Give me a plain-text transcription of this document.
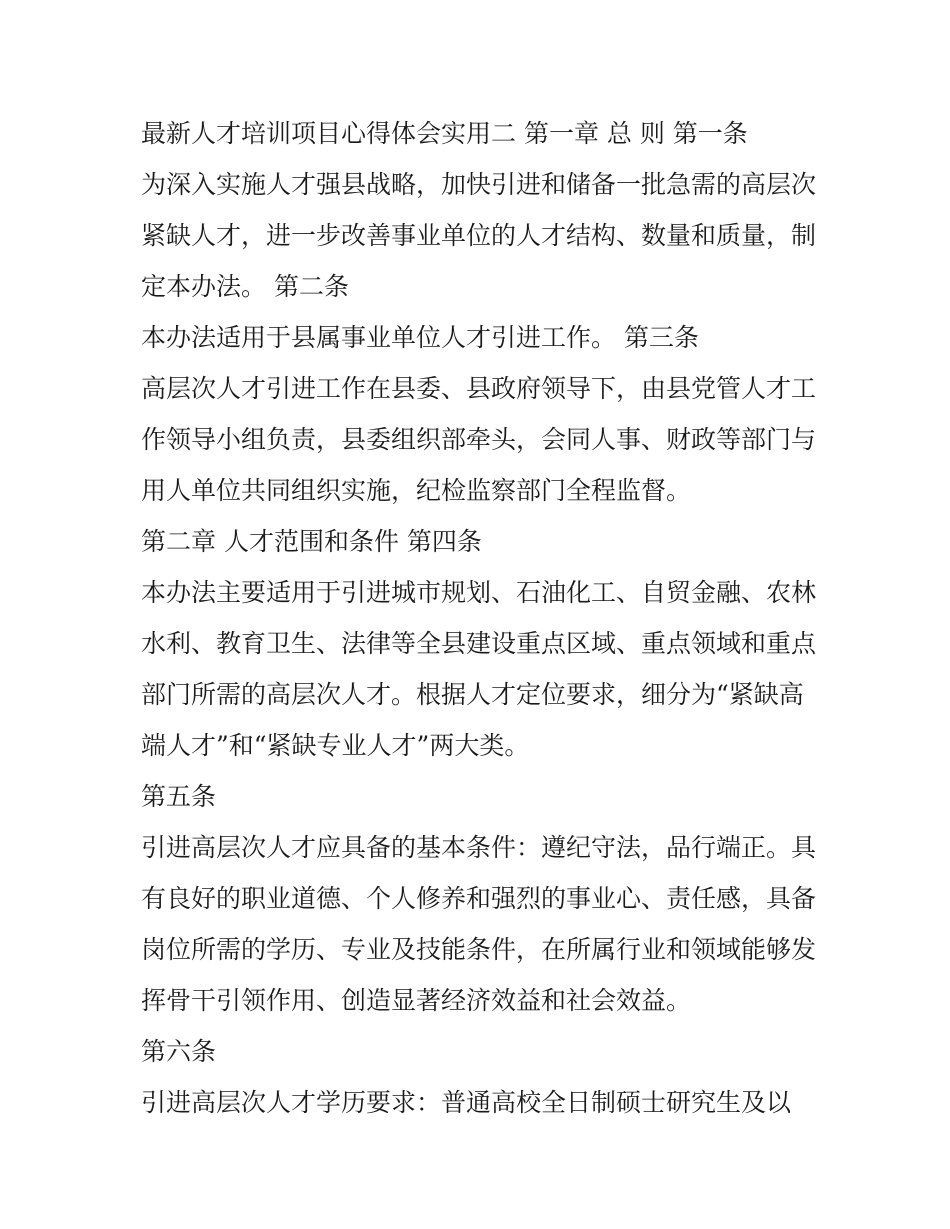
最新人才培训项目心得体会实用二 第一章 总 则 第一条
为深入实施人才强县战略，加快引进和储备一批急需的高层次
紧缺人才，进一步改善事业单位的人才结构、数量和质量，制
定本办法。 第二条
本办法适用于县属事业单位人才引进工作。 第三条
高层次人才引进工作在县委、县政府领导下，由县党管人才工
作领导小组负责，县委组织部牵头，会同人事、财政等部门与
用人单位共同组织实施，纪检监察部门全程监督。
第二章 人才范围和条件 第四条
本办法主要适用于引进城市规划、石油化工、自贸金融、农林
水利、教育卫生、法律等全县建设重点区域、重点领域和重点
部门所需的高层次人才。根据人才定位要求，细分为“紧缺高
端人才”和“紧缺专业人才”两大类。
第五条
引进高层次人才应具备的基本条件：遵纪守法，品行端正。具
有良好的职业道德、个人修养和强烈的事业心、责任感，具备
岗位所需的学历、专业及技能条件，在所属行业和领域能够发
挥骨干引领作用、创造显著经济效益和社会效益。
第六条
引进高层次人才学历要求：普通高校全日制硕士研究生及以
